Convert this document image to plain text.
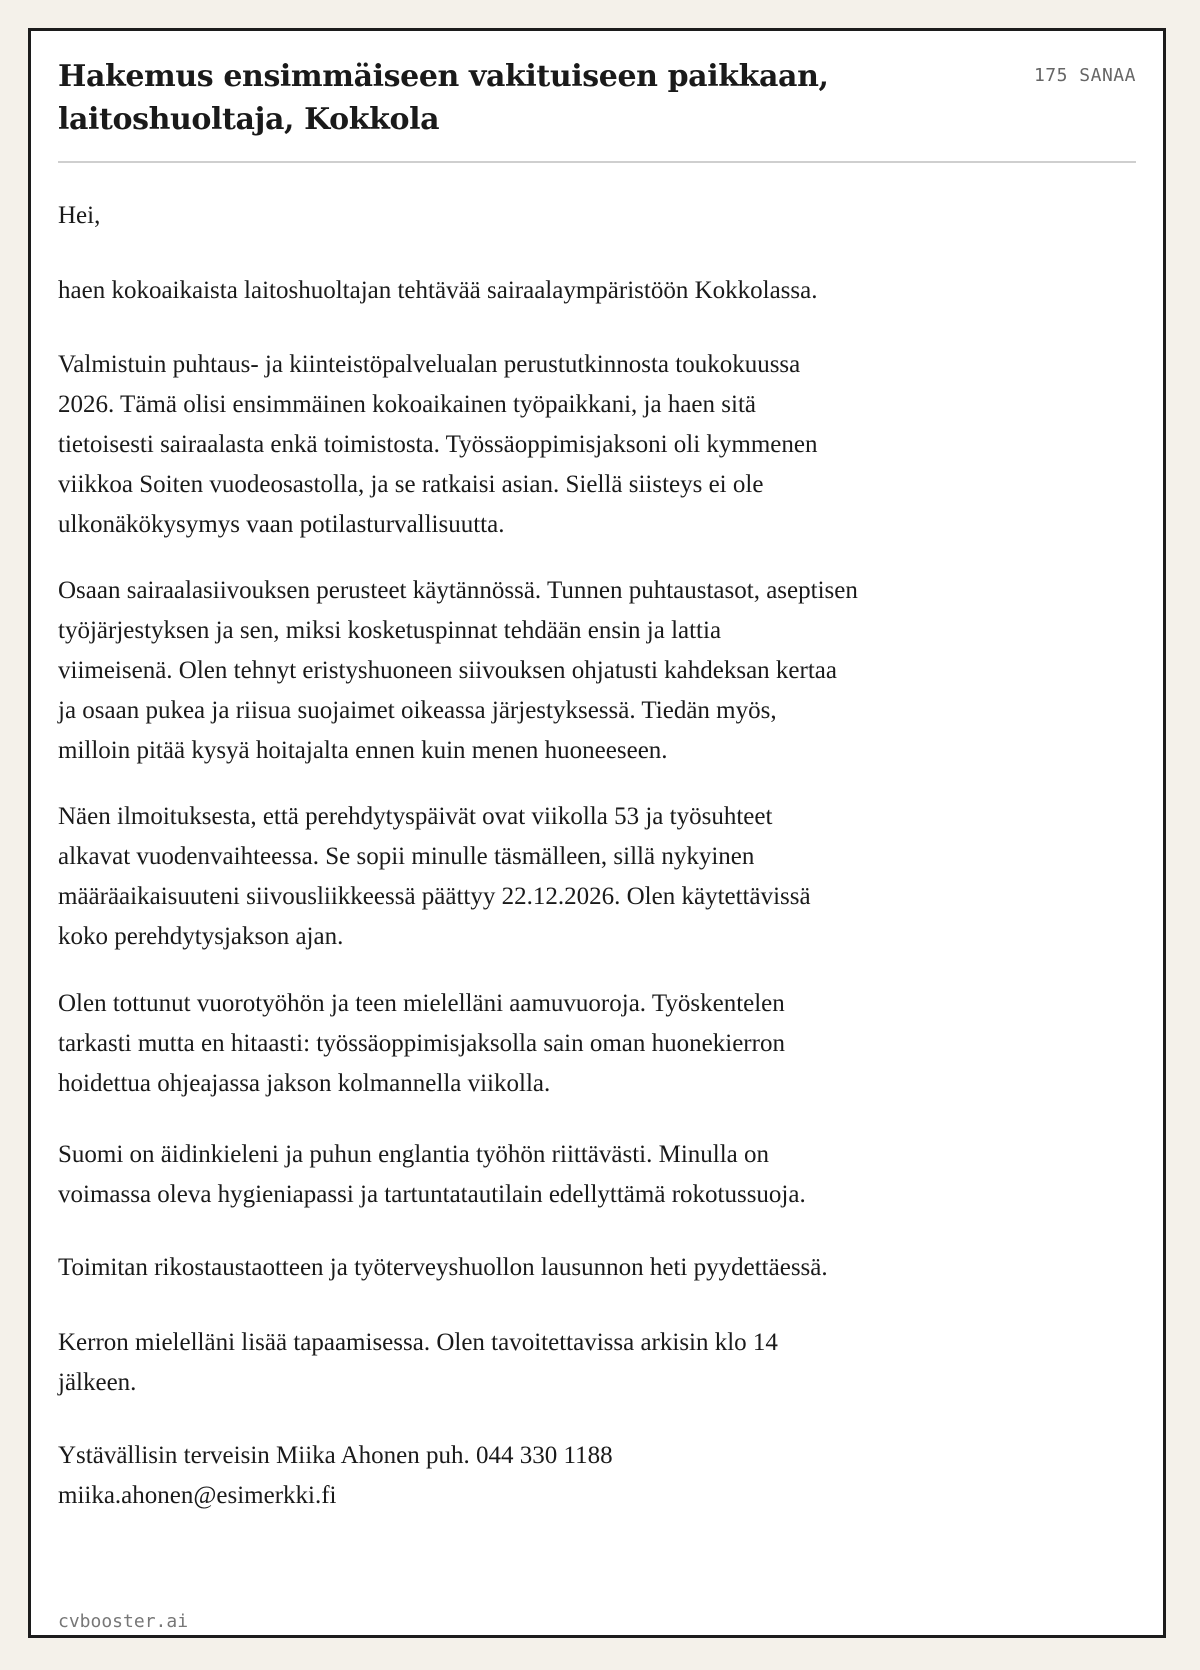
Hakemus ensimmäiseen vakituiseen paikkaan,
laitoshuoltaja, Kokkola
175 SANAA

Hei,

haen kokoaikaista laitoshuoltajan tehtävää sairaalaympäristöön Kokkolassa.

Valmistuin puhtaus- ja kiinteistöpalvelualan perustutkinnosta toukokuussa
2026. Tämä olisi ensimmäinen kokoaikainen työpaikkani, ja haen sitä
tietoisesti sairaalasta enkä toimistosta. Työssäoppimisjaksoni oli kymmenen
viikkoa Soiten vuodeosastolla, ja se ratkaisi asian. Siellä siisteys ei ole
ulkonäkökysymys vaan potilasturvallisuutta.

Osaan sairaalasiivouksen perusteet käytännössä. Tunnen puhtaustasot, aseptisen
työjärjestyksen ja sen, miksi kosketuspinnat tehdään ensin ja lattia
viimeisenä. Olen tehnyt eristyshuoneen siivouksen ohjatusti kahdeksan kertaa
ja osaan pukea ja riisua suojaimet oikeassa järjestyksessä. Tiedän myös,
milloin pitää kysyä hoitajalta ennen kuin menen huoneeseen.

Näen ilmoituksesta, että perehdytyspäivät ovat viikolla 53 ja työsuhteet
alkavat vuodenvaihteessa. Se sopii minulle täsmälleen, sillä nykyinen
määräaikaisuuteni siivousliikkeessä päättyy 22.12.2026. Olen käytettävissä
koko perehdytysjakson ajan.

Olen tottunut vuorotyöhön ja teen mielelläni aamuvuoroja. Työskentelen
tarkasti mutta en hitaasti: työssäoppimisjaksolla sain oman huonekierron
hoidettua ohjeajassa jakson kolmannella viikolla.

Suomi on äidinkieleni ja puhun englantia työhön riittävästi. Minulla on
voimassa oleva hygieniapassi ja tartuntatautilain edellyttämä rokotussuoja.

Toimitan rikostaustaotteen ja työterveyshuollon lausunnon heti pyydettäessä.

Kerron mielelläni lisää tapaamisessa. Olen tavoitettavissa arkisin klo 14
jälkeen.

Ystävällisin terveisin Miika Ahonen puh. 044 330 1188
miika.ahonen@esimerkki.fi

cvbooster.ai
